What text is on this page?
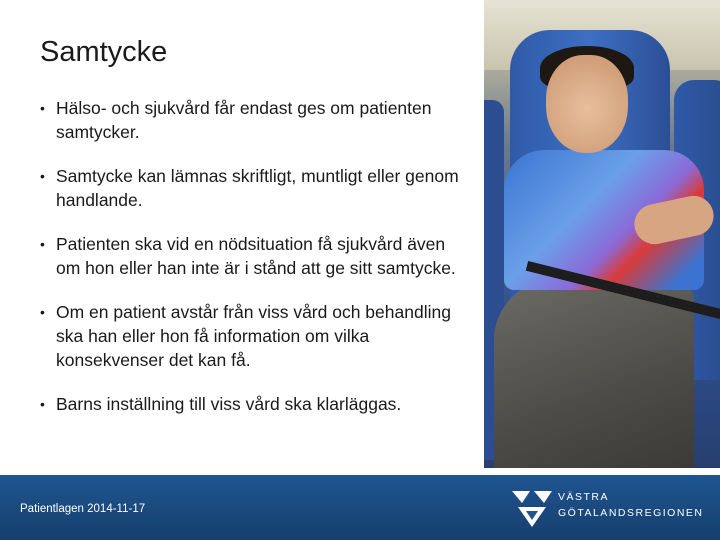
Samtycke
• Hälso- och sjukvård får endast ges om patienten samtycker.
• Samtycke kan lämnas skriftligt, muntligt eller genom handlande.
• Patienten ska vid en nödsituation få sjukvård även om hon eller han inte är i stånd att ge sitt samtycke.
• Om en patient avstår från viss vård och behandling ska han eller hon få information om vilka konsekvenser det kan få.
• Barns inställning till viss vård ska klarläggas.
Patientlagen 2014-11-17
VÄSTRA
GÖTALANDSREGIONEN
